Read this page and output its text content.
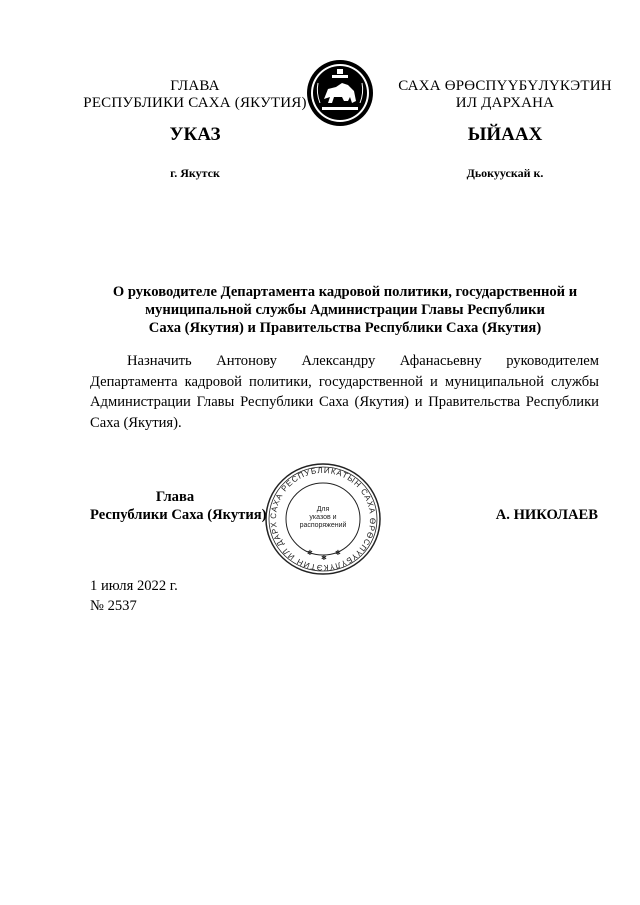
ГЛАВА
РЕСПУБЛИКИ САХА (ЯКУТИЯ)
САХА ӨРӨСПҮҮБҮЛҮКЭТИН
ИЛ ДАРХАНА
УКАЗ	ЫЙААХ
г. Якутск	Дьокуускай к.
О руководителе Департамента кадровой политики, государственной и
муниципальной службы Администрации Главы Республики
Саха (Якутия) и Правительства Республики Саха (Якутия)

Назначить Антонову Александру Афанасьевну руководителем Департамента кадровой политики, государственной и муниципальной службы Администрации Главы Республики Саха (Якутия) и Правительства Республики Саха (Якутия).

Глава
Республики Саха (Якутия) САХА РЕСПУБЛИКАТЫН САХА ӨРӨСПҮҮБҮЛҮКЭТИН ИЛ ДАРХ
Для
указов и
распоряжений
✱
✱
✱
А. НИКОЛАЕВ
1 июля 2022 г.
№ 2537
